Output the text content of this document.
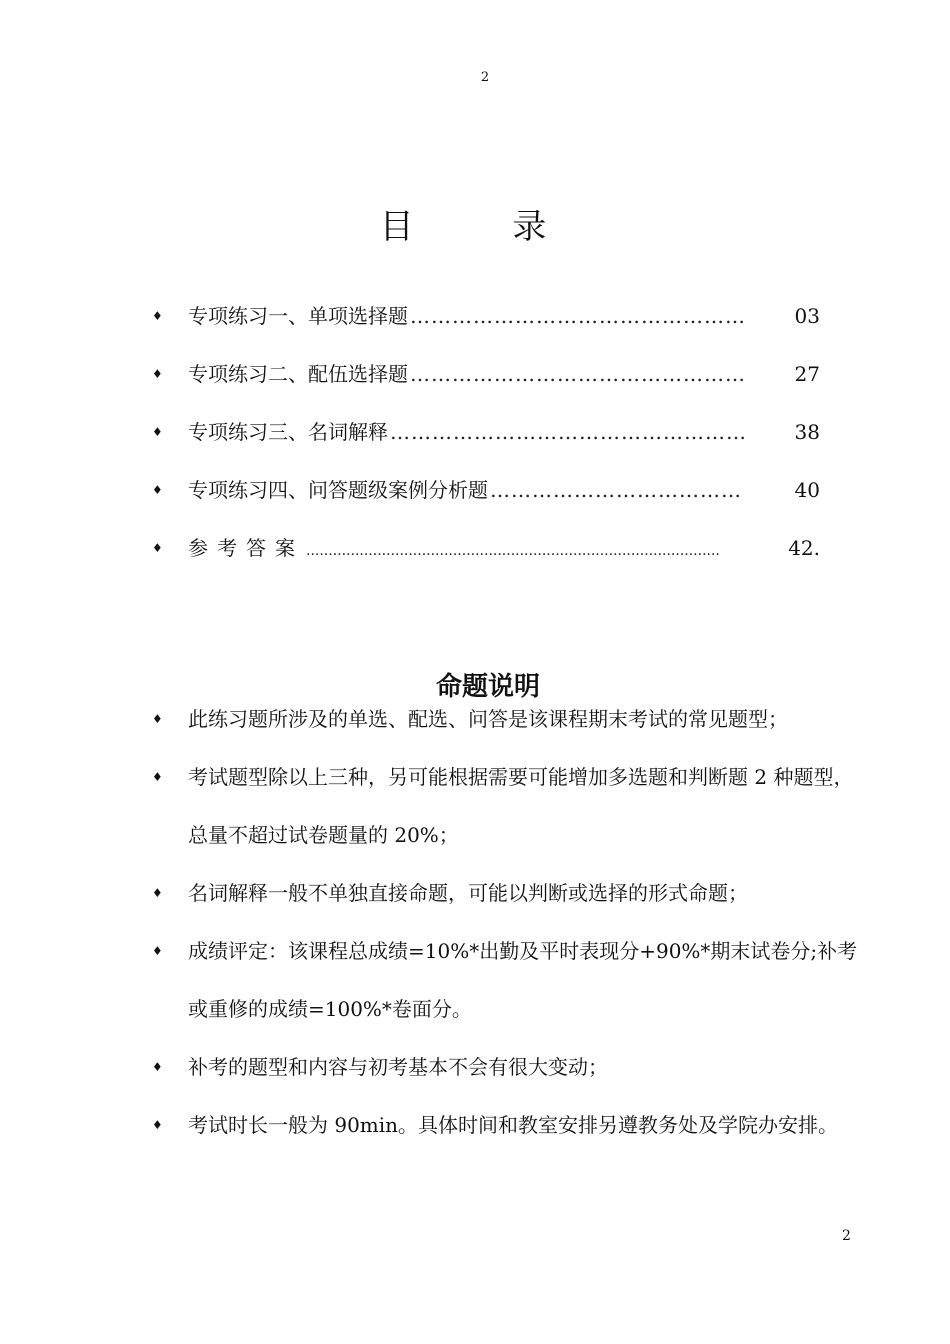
2
目 录
♦	专项练习一、单项选择题 …………………………………………	03
♦	专项练习二、配伍选择题 …………………………………………	27
♦	专项练习三、名词解释 ……………………………………………	38
♦	专项练习四、问答题级案例分析题 ………………………………	40
♦	参考答案 .............................................................................................	42.
命题说明
♦	此练习题所涉及的单选、配选、问答是该课程期末考试的常见题型；
♦	考试题型除以上三种，另可能根据需要可能增加多选题和判断题 2 种题型，总量不超过试卷题量的 20%；
♦	名词解释一般不单独直接命题，可能以判断或选择的形式命题；
♦	成绩评定：该课程总成绩=10%*出勤及平时表现分+90%*期末试卷分;补考或重修的成绩=100%*卷面分。
♦	补考的题型和内容与初考基本不会有很大变动；
♦	考试时长一般为 90min。具体时间和教室安排另遵教务处及学院办安排。
2
